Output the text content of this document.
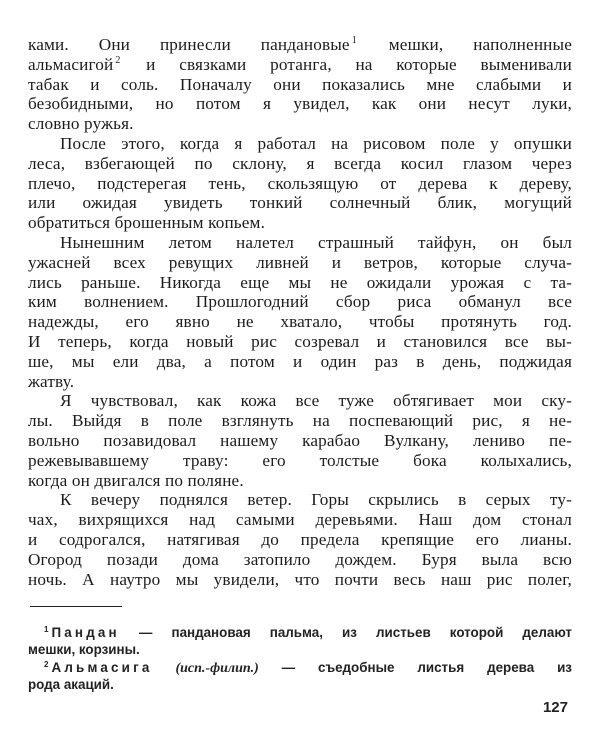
ками. Они принесли пандановые $^1$ мешки, наполненные
альмасигой $^2$ и связками ротанга, на которые выменивали
табак и соль. Поначалу они показались мне слабыми и
безобидными, но потом я увидел, как они несут луки,
словно ружья.
После этого, когда я работал на рисовом поле у опушки
леса, взбегающей по склону, я всегда косил глазом через
плечо, подстерегая тень, скользящую от дерева к дереву,
или ожидая увидеть тонкий солнечный блик, могущий
обратиться брошенным копьем.
Нынешним летом налетел страшный тайфун, он был
ужасней всех ревущих ливней и ветров, которые случа-
лись раньше. Никогда еще мы не ожидали урожая с та-
ким волнением. Прошлогодний сбор риса обманул все
надежды, его явно не хватало, чтобы протянуть год.
И теперь, когда новый рис созревал и становился все вы-
ше, мы ели два, а потом и один раз в день, поджидая
жатву.
Я чувствовал, как кожа все туже обтягивает мои ску-
лы. Выйдя в поле взглянуть на поспевающий рис, я не-
вольно позавидовал нашему карабао Вулкану, лениво пе-
режевывавшему траву: его толстые бока колыхались,
когда он двигался по поляне.
К вечеру поднялся ветер. Горы скрылись в серых ту-
чах, вихрящихся над самыми деревьями. Наш дом стонал
и содрогался, натягивая до предела крепящие его лианы.
Огород позади дома затопило дождем. Буря выла всю
ночь. А наутро мы увидели, что почти весь наш рис полег,
$^1$ Пандан — пандановая пальма, из листьев которой делают
мешки, корзины.
$^2$ Альмасига (исп.-филип.) — съедобные листья дерева из
рода акаций.
127
